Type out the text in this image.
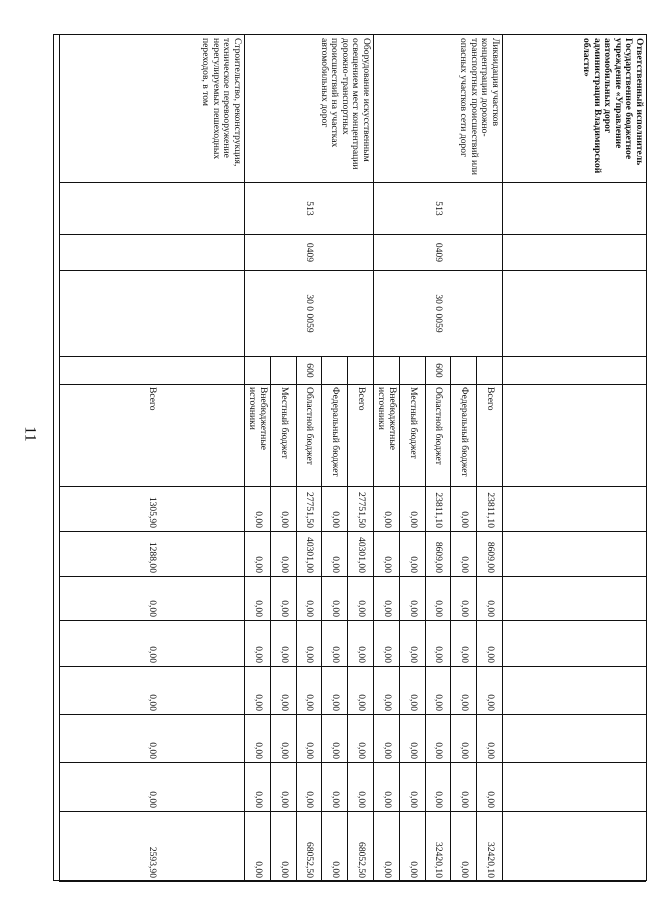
11
Ответственный исполнитель Государственное бюджетное учреждение «Управление автомобильных дорог администрации Владимирской области»
Ликвидация участков концентрации дорожно-транспортных происшествий или опасных участков сети дорог
Всего
23811,10
8609,00
0,00
0,00
0,00
0,00
0,00
32420,10
Федеральный бюджет
0,00
0,00
0,00
0,00
0,00
0,00
0,00
0,00
600
Областной бюджет
23811,10
8609,00
0,00
0,00
0,00
0,00
0,00
32420,10
Местный бюджет
0,00
0,00
0,00
0,00
0,00
0,00
0,00
0,00
Внебюджетные источники
0,00
0,00
0,00
0,00
0,00
0,00
0,00
0,00
513
0409
30 0 0059
Оборудование искусственным освещением мест концентрации дорожно-транспортных происшествий на участках автомобильных дорог
Всего
27751,50
40301,00
0,00
0,00
0,00
0,00
0,00
68052,50
Федеральный бюджет
0,00
0,00
0,00
0,00
0,00
0,00
0,00
0,00
600
Областной бюджет
27751,50
40301,00
0,00
0,00
0,00
0,00
0,00
68052,50
Местный бюджет
0,00
0,00
0,00
0,00
0,00
0,00
0,00
0,00
Внебюджетные источники
0,00
0,00
0,00
0,00
0,00
0,00
0,00
0,00
513
0409
30 0 0059
Строительство, реконструкция, техническое перевооружение нерегулируемых пешеходных переходов, в том
Всего
1305,90
1288,00
0,00
0,00
0,00
0,00
0,00
2593,90
